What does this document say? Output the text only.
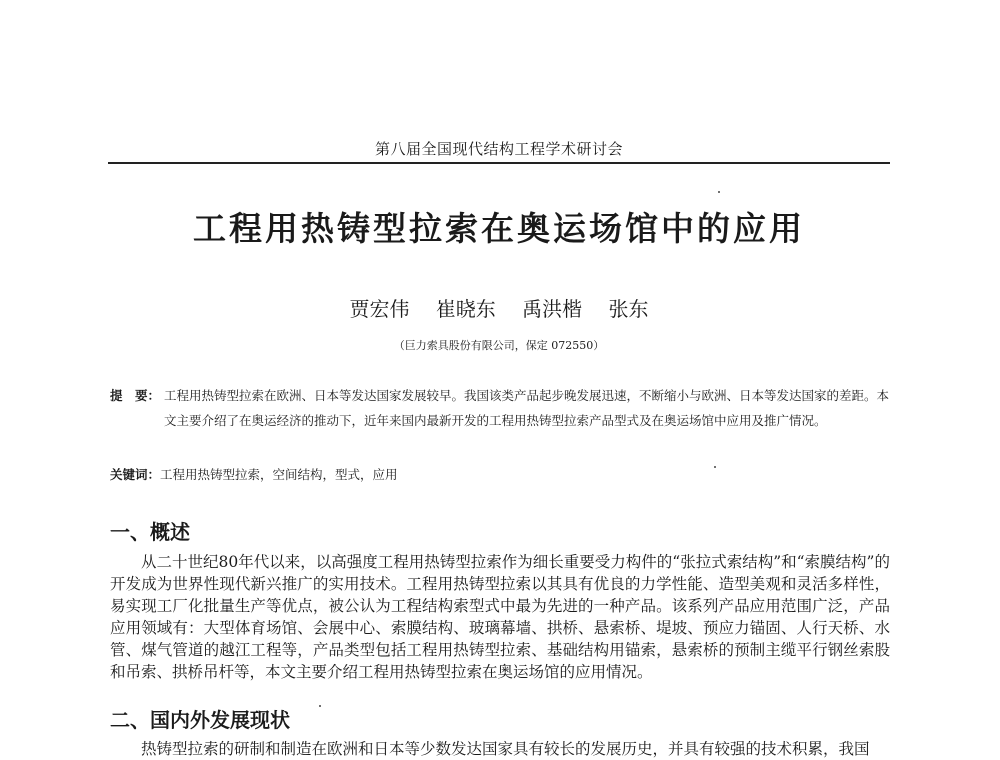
第八届全国现代结构工程学术研讨会
工程用热铸型拉索在奥运场馆中的应用
贾宏伟 崔晓东 禹洪楷 张东
（巨力索具股份有限公司，保定 072550）
提　要： 工程用热铸型拉索在欧洲、日本等发达国家发展较早。我国该类产品起步晚发展迅速，不断缩小与欧洲、日本等发达国家的差距。本文主要介绍了在奥运经济的推动下，近年来国内最新开发的工程用热铸型拉索产品型式及在奥运场馆中应用及推广情况。
关键词：工程用热铸型拉索，空间结构，型式，应用
一、概述
从二十世纪80年代以来，以高强度工程用热铸型拉索作为细长重要受力构件的“张拉式索结构”和“索膜结构”的开发成为世界性现代新兴推广的实用技术。工程用热铸型拉索以其具有优良的力学性能、造型美观和灵活多样性，易实现工厂化批量生产等优点，被公认为工程结构索型式中最为先进的一种产品。该系列产品应用范围广泛，产品应用领域有：大型体育场馆、会展中心、索膜结构、玻璃幕墙、拱桥、悬索桥、堤坡、预应力锚固、人行天桥、水管、煤气管道的越江工程等，产品类型包括工程用热铸型拉索、基础结构用锚索，悬索桥的预制主缆平行钢丝索股和吊索、拱桥吊杆等，本文主要介绍工程用热铸型拉索在奥运场馆的应用情况。
二、国内外发展现状
热铸型拉索的研制和制造在欧洲和日本等少数发达国家具有较长的发展历史，并具有较强的技术积累，我国
